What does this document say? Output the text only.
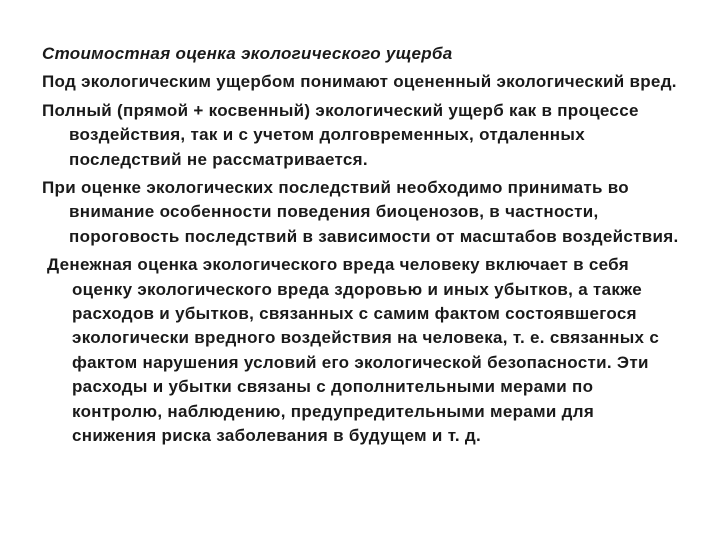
Стоимостная оценка экологического ущерба

Под экологическим ущербом понимают оцененный экологический вред.

Полный (прямой + косвенный) экологический ущерб как в процессе воздействия, так и с учетом долговременных, отдаленных последствий не рассматривается.

При оценке экологических последствий необходимо принимать во внимание особенности поведения биоценозов, в частности, пороговость последствий в зависимости от масштабов воздействия.

Денежная оценка экологического вреда человеку включает в себя оценку экологического вреда здоровью и иных убытков, а также расходов и убытков, связанных с самим фактом состоявшегося экологически вредного воздействия на человека, т. е. связанных с фактом нарушения условий его экологической безопасности. Эти расходы и убытки связаны с дополнительными мерами по контролю, наблюдению, предупредительными мерами для снижения риска заболевания в будущем и т. д.
